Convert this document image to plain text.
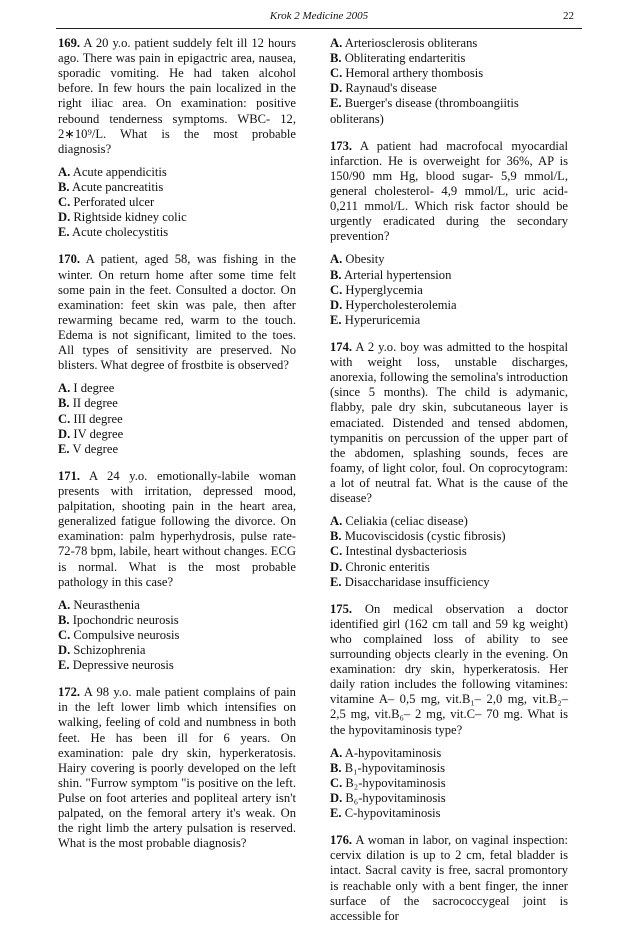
Krok 2 Medicine 2005	22

169. A 20 y.o. patient suddely felt ill 12 hours ago. There was pain in epigactric area, nausea, sporadic vomiting. He had taken alcohol before. In few hours the pain localized in the right iliac area. On examination: positive rebound tenderness symptoms. WBC- 12, 2∗10⁹/L. What is the most probable diagnosis?

A. Acute appendicitis
B. Acute pancreatitis
C. Perforated ulcer
D. Rightside kidney colic
E. Acute cholecystitis

170. A patient, aged 58, was fishing in the winter. On return home after some time felt some pain in the feet. Consulted a doctor. On examination: feet skin was pale, then after rewarming became red, warm to the touch. Edema is not significant, limited to the toes. All types of sensitivity are preserved. No blisters. What degree of frostbite is observed?

A. I degree
B. II degree
C. III degree
D. IV degree
E. V degree

171. A 24 y.o. emotionally-labile woman presents with irritation, depressed mood, palpitation, shooting pain in the heart area, generalized fatigue following the divorce. On examination: palm hyperhydrosis, pulse rate- 72-78 bpm, labile, heart without changes. ECG is normal. What is the most probable pathology in this case?

A. Neurasthenia
B. Ipochondric neurosis
C. Compulsive neurosis
D. Schizophrenia
E. Depressive neurosis

172. A 98 y.o. male patient complains of pain in the left lower limb which intensifies on walking, feeling of cold and numbness in both feet. He has been ill for 6 years. On examination: pale dry skin, hyperkeratosis. Hairy covering is poorly developed on the left shin. "Furrow symptom "is positive on the left. Pulse on foot arteries and popliteal artery isn't palpated, on the femoral artery it's weak. On the right limb the artery pulsation is reserved. What is the most probable diagnosis?

A. Arteriosclerosis obliterans
B. Obliterating endarteritis
C. Hemoral arthery thombosis
D. Raynaud's disease
E. Buerger's disease (thromboangiitis obliterans)

173. A patient had macrofocal myocardial infarction. He is overweight for 36%, AP is 150/90 mm Hg, blood sugar- 5,9 mmol/L, general cholesterol- 4,9 mmol/L, uric acid- 0,211 mmol/L. Which risk factor should be urgently eradicated during the secondary prevention?

A. Obesity
B. Arterial hypertension
C. Hyperglycemia
D. Hypercholesterolemia
E. Hyperuricemia

174. A 2 y.o. boy was admitted to the hospital with weight loss, unstable discharges, anorexia, following the semolina's introduction (since 5 months). The child is adymanic, flabby, pale dry skin, subcutaneous layer is emaciated. Distended and tensed abdomen, tympanitis on percussion of the upper part of the abdomen, splashing sounds, feces are foamy, of light color, foul. On coprocytogram: a lot of neutral fat. What is the cause of the disease?

A. Celiakia (celiac disease)
B. Mucoviscidosis (cystic fibrosis)
C. Intestinal dysbacteriosis
D. Chronic enteritis
E. Disaccharidase insufficiency

175. On medical observation a doctor identified girl (162 cm tall and 59 kg weight) who complained loss of ability to see surrounding objects clearly in the evening. On examination: dry skin, hyperkeratosis. Her daily ration includes the following vitamines: vitamine A– 0,5 mg, vit.B₁– 2,0 mg, vit.B₂– 2,5 mg, vit.B₆– 2 mg, vit.C– 70 mg. What is the hypovitaminosis type?

A. A-hypovitaminosis
B. B₁-hypovitaminosis
C. B₂-hypovitaminosis
D. B₆-hypovitaminosis
E. C-hypovitaminosis

176. A woman in labor, on vaginal inspection: cervix dilation is up to 2 cm, fetal bladder is intact. Sacral cavity is free, sacral promontory is reachable only with a bent finger, the inner surface of the sacrococcygeal joint is accessible for
